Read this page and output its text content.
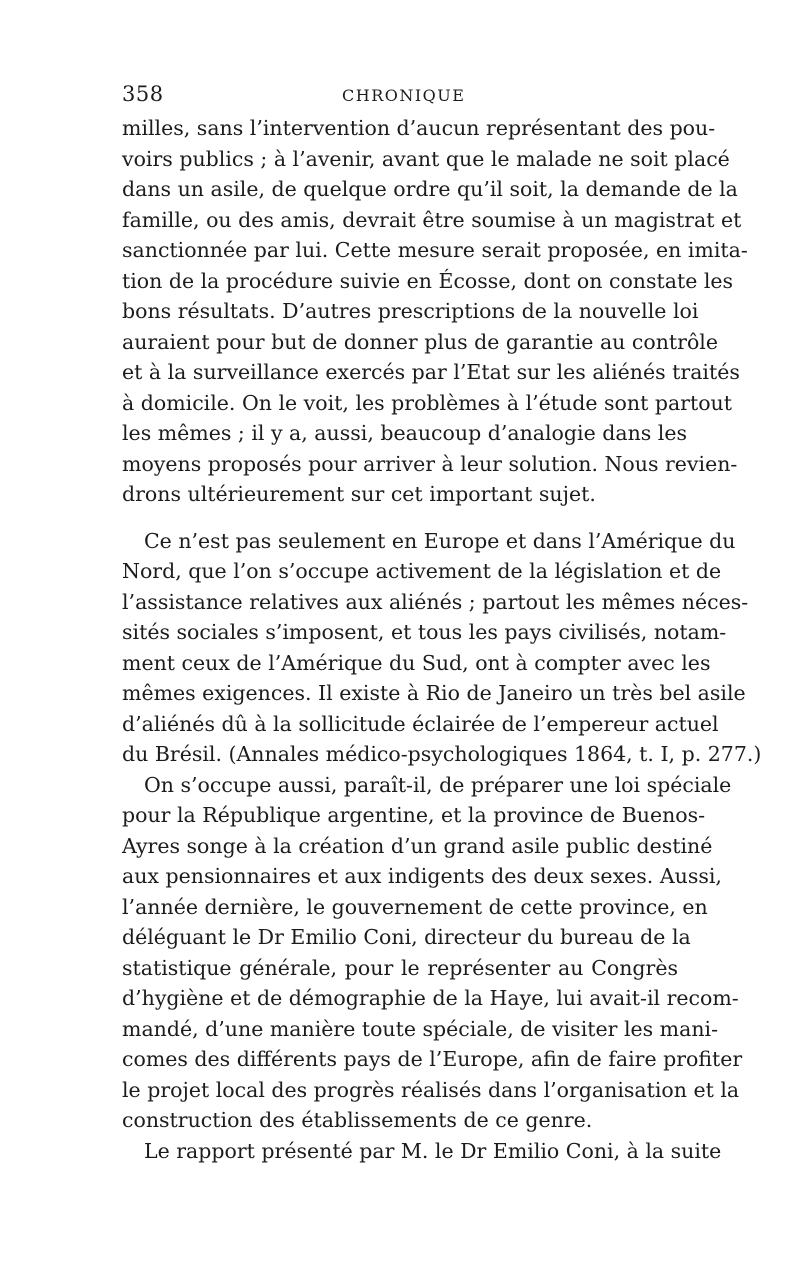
358	CHRONIQUE
milles, sans l’intervention d’aucun représentant des pou-
voirs publics ; à l’avenir, avant que le malade ne soit placé
dans un asile, de quelque ordre qu’il soit, la demande de la
famille, ou des amis, devrait être soumise à un magistrat et
sanctionnée par lui. Cette mesure serait proposée, en imita-
tion de la procédure suivie en Écosse, dont on constate les
bons résultats. D’autres prescriptions de la nouvelle loi
auraient pour but de donner plus de garantie au contrôle
et à la surveillance exercés par l’Etat sur les aliénés traités
à domicile. On le voit, les problèmes à l’étude sont partout
les mêmes ; il y a, aussi, beaucoup d’analogie dans les
moyens proposés pour arriver à leur solution. Nous revien-
drons ultérieurement sur cet important sujet.
Ce n’est pas seulement en Europe et dans l’Amérique du
Nord, que l’on s’occupe activement de la législation et de
l’assistance relatives aux aliénés ; partout les mêmes néces-
sités sociales s’imposent, et tous les pays civilisés, notam-
ment ceux de l’Amérique du Sud, ont à compter avec les
mêmes exigences. Il existe à Rio de Janeiro un très bel asile
d’aliénés dû à la sollicitude éclairée de l’empereur actuel
du Brésil. (Annales médico-psychologiques 1864, t. I, p. 277.)
On s’occupe aussi, paraît-il, de préparer une loi spéciale
pour la République argentine, et la province de Buenos-
Ayres songe à la création d’un grand asile public destiné
aux pensionnaires et aux indigents des deux sexes. Aussi,
l’année dernière, le gouvernement de cette province, en
déléguant le Dr Emilio Coni, directeur du bureau de la
statistique générale, pour le représenter au Congrès
d’hygiène et de démographie de la Haye, lui avait-il recom-
mandé, d’une manière toute spéciale, de visiter les mani-
comes des différents pays de l’Europe, afin de faire profiter
le projet local des progrès réalisés dans l’organisation et la
construction des établissements de ce genre.
Le rapport présenté par M. le Dr Emilio Coni, à la suite
